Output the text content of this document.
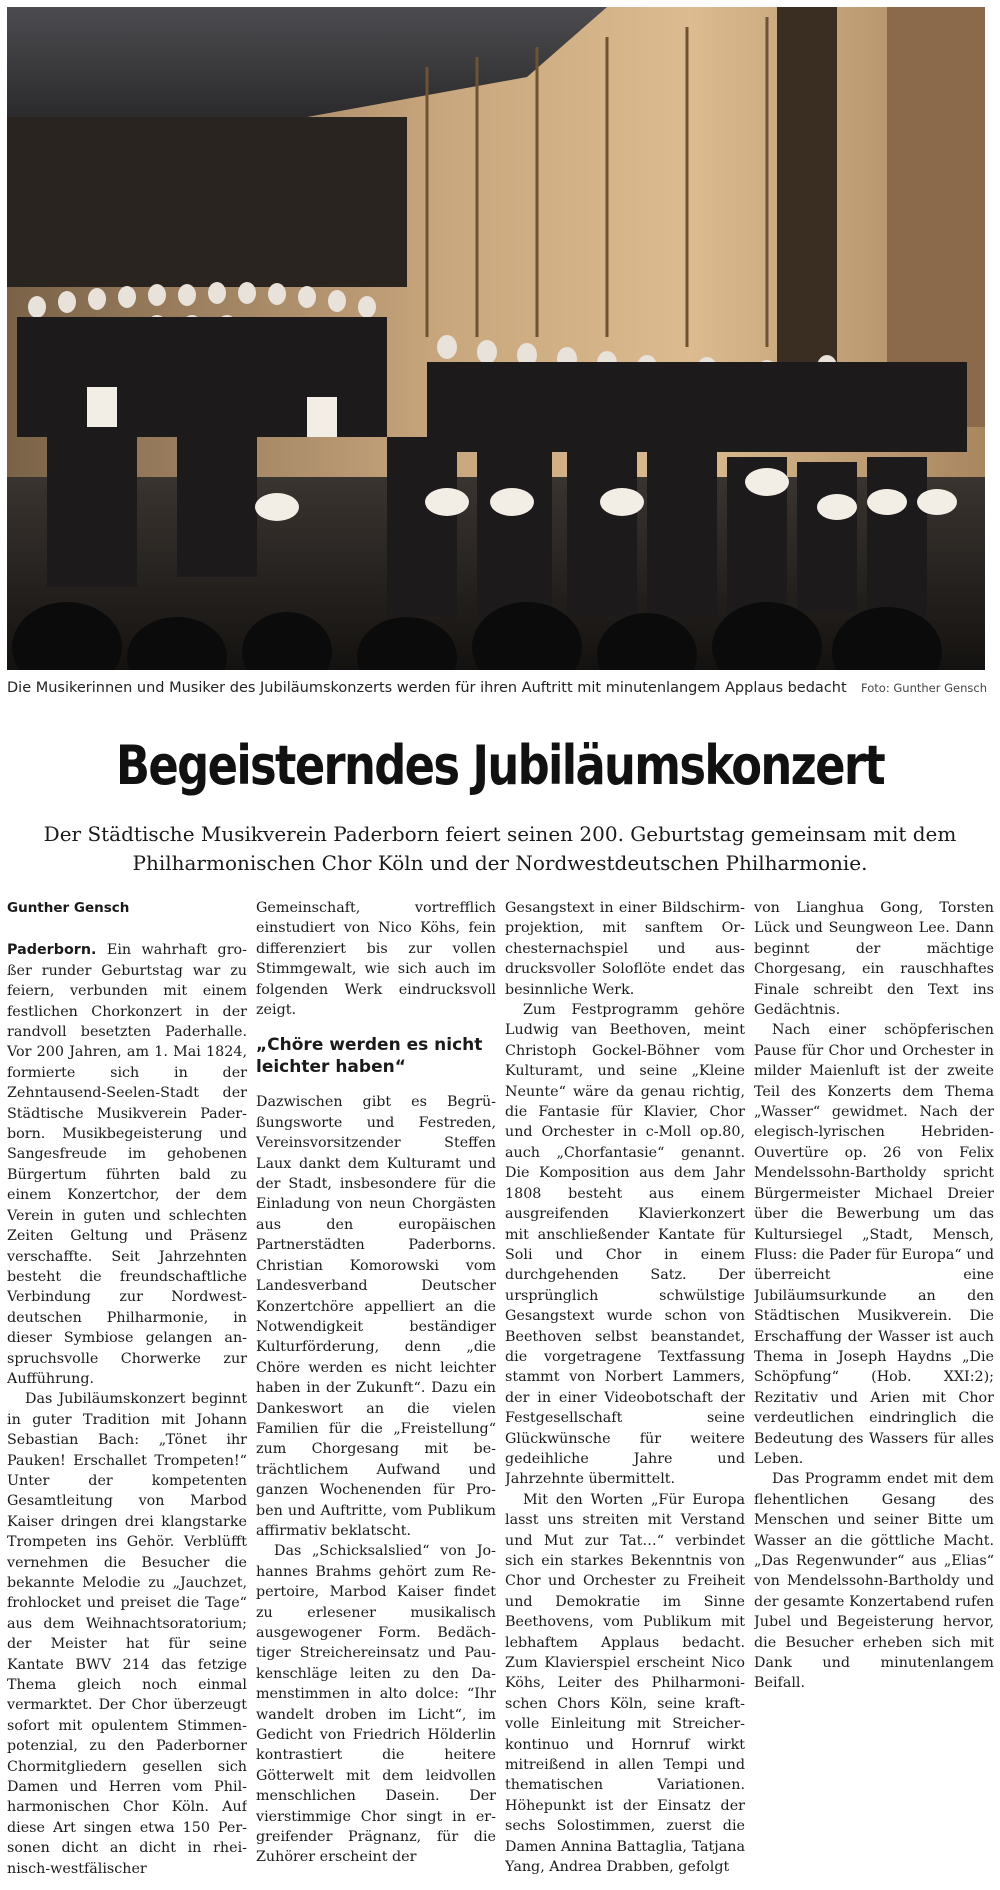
Die Musikerinnen und Musiker des Jubiläumskonzerts werden für ihren Auftritt mit minutenlangem Applaus bedacht Foto: Gunther Gensch
Begeisterndes Jubiläumskonzert
Der Städtische Musikverein Paderborn feiert seinen 200. Geburtstag gemeinsam mit dem Philharmonischen Chor Köln und der Nordwestdeutschen Philharmonie.

Gunther Gensch

Paderborn. Ein wahrhaft großer runder Geburtstag war zu feiern, verbunden mit einem festlichen Chorkonzert in der randvoll besetzten Paderhalle. Vor 200 Jahren, am 1. Mai 1824, formierte sich in der Zehntausend-Seelen-Stadt der Städtische Musikverein Paderborn. Musikbegeisterung und Sangesfreude im gehobenen Bürgertum führten bald zu einem Konzertchor, der dem Verein in guten und schlechten Zeiten Geltung und Präsenz verschaffte. Seit Jahrzehnten besteht die freundschaftliche Verbindung zur Nordwestdeutschen Philharmonie, in dieser Symbiose gelangen anspruchsvolle Chorwerke zur Aufführung.

Das Jubiläumskonzert beginnt in guter Tradition mit Johann Sebastian Bach: „Tönet ihr Pauken! Erschallet Trompeten!“ Unter der kompetenten Gesamtleitung von Marbod Kaiser dringen drei klangstarke Trompeten ins Gehör. Verblüfft vernehmen die Besucher die bekannte Melodie zu „Jauchzet, frohlocket und preiset die Tage“ aus dem Weihnachtsoratorium; der Meister hat für seine Kantate BWV 214 das fetzige Thema gleich noch einmal vermarktet. Der Chor überzeugt sofort mit opulentem Stimmenpotenzial, zu den Paderborner Chormitgliedern gesellen sich Damen und Herren vom Philharmonischen Chor Köln. Auf diese Art singen etwa 150 Personen dicht an dicht in rheinisch-westfälischer

Gemeinschaft, vortrefflich einstudiert von Nico Köhs, fein differenziert bis zur vollen Stimmgewalt, wie sich auch im folgenden Werk eindrucksvoll zeigt.

„Chöre werden es nicht leichter haben“

Dazwischen gibt es Begrüßungsworte und Festreden, Vereinsvorsitzender Steffen Laux dankt dem Kulturamt und der Stadt, insbesondere für die Einladung von neun Chorgästen aus den europäischen Partnerstädten Paderborns. Christian Komorowski vom Landesverband Deutscher Konzertchöre appelliert an die Notwendigkeit beständiger Kulturförderung, denn „die Chöre werden es nicht leichter haben in der Zukunft“. Dazu ein Dankeswort an die vielen Familien für die „Freistellung“ zum Chorgesang mit beträchtlichem Aufwand und ganzen Wochenenden für Proben und Auftritte, vom Publikum affirmativ beklatscht.

Das „Schicksalslied“ von Johannes Brahms gehört zum Repertoire, Marbod Kaiser findet zu erlesener musikalisch ausgewogener Form. Bedächtiger Streichereinsatz und Paukenschläge leiten zu den Damenstimmen in alto dolce: “Ihr wandelt droben im Licht“, im Gedicht von Friedrich Hölderlin kontrastiert die heitere Götterwelt mit dem leidvollen menschlichen Dasein. Der vierstimmige Chor singt in ergreifender Prägnanz, für die Zuhörer erscheint der

Gesangstext in einer Bildschirmprojektion, mit sanftem Orchesternachspiel und ausdrucksvoller Soloflöte endet das besinnliche Werk.

Zum Festprogramm gehöre Ludwig van Beethoven, meint Christoph Gockel-Böhner vom Kulturamt, und seine „Kleine Neunte“ wäre da genau richtig, die Fantasie für Klavier, Chor und Orchester in c-Moll op.80, auch „Chorfantasie“ genannt. Die Komposition aus dem Jahr 1808 besteht aus einem ausgreifenden Klavierkonzert mit anschließender Kantate für Soli und Chor in einem durchgehenden Satz. Der ursprünglich schwülstige Gesangstext wurde schon von Beethoven selbst beanstandet, die vorgetragene Textfassung stammt von Norbert Lammers, der in einer Videobotschaft der Festgesellschaft seine Glückwünsche für weitere gedeihliche Jahre und Jahrzehnte übermittelt.

Mit den Worten „Für Europa lasst uns streiten mit Verstand und Mut zur Tat…“ verbindet sich ein starkes Bekenntnis von Chor und Orchester zu Freiheit und Demokratie im Sinne Beethovens, vom Publikum mit lebhaftem Applaus bedacht. Zum Klavierspiel erscheint Nico Köhs, Leiter des Philharmonischen Chors Köln, seine kraftvolle Einleitung mit Streicherkontinuo und Hornruf wirkt mitreißend in allen Tempi und thematischen Variationen. Höhepunkt ist der Einsatz der sechs Solostimmen, zuerst die Damen Annina Battaglia, Tatjana Yang, Andrea Drabben, gefolgt

von Lianghua Gong, Torsten Lück und Seungweon Lee. Dann beginnt der mächtige Chorgesang, ein rauschhaftes Finale schreibt den Text ins Gedächtnis.

Nach einer schöpferischen Pause für Chor und Orchester in milder Maienluft ist der zweite Teil des Konzerts dem Thema „Wasser“ gewidmet. Nach der elegisch-lyrischen Hebriden-Ouvertüre op. 26 von Felix Mendelssohn-Bartholdy spricht Bürgermeister Michael Dreier über die Bewerbung um das Kultursiegel „Stadt, Mensch, Fluss: die Pader für Europa“ und überreicht eine Jubiläumsurkunde an den Städtischen Musikverein. Die Erschaffung der Wasser ist auch Thema in Joseph Haydns „Die Schöpfung“ (Hob. XXI:2); Rezitativ und Arien mit Chor verdeutlichen eindringlich die Bedeutung des Wassers für alles Leben.

Das Programm endet mit dem flehentlichen Gesang des Menschen und seiner Bitte um Wasser an die göttliche Macht. „Das Regenwunder“ aus „Elias“ von Mendelssohn-Bartholdy und der gesamte Konzertabend rufen Jubel und Begeisterung hervor, die Besucher erheben sich mit Dank und minutenlangem Beifall.
